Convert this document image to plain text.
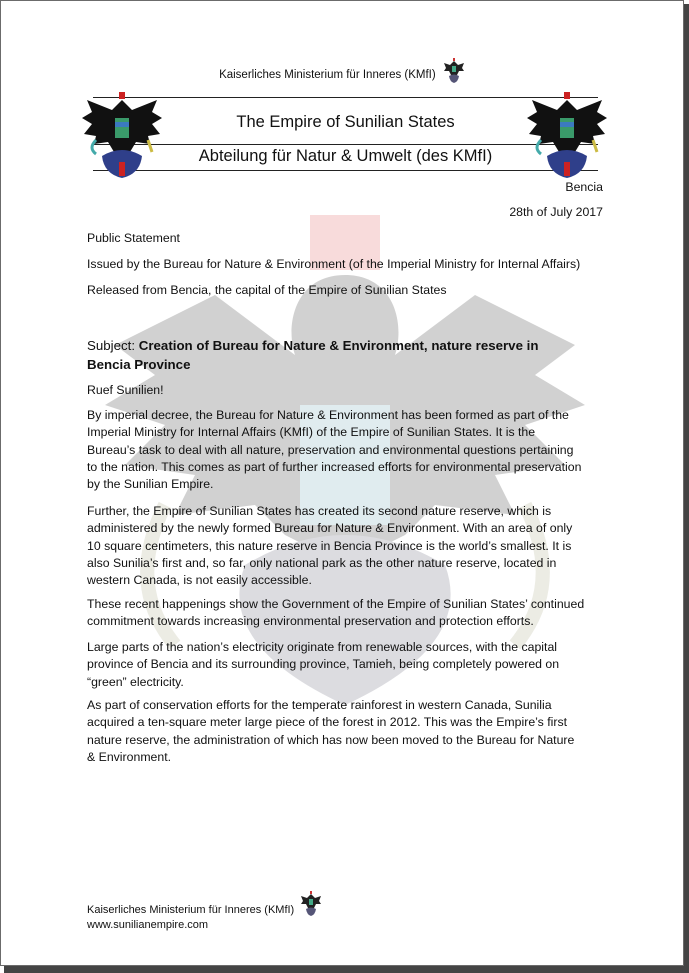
Kaiserliches Ministerium für Inneres (KMfI)
The Empire of Sunilian States
Abteilung für Natur & Umwelt (des KMfI)
Bencia
28th of July 2017
Public Statement
Issued by the Bureau for Nature & Environment (of the Imperial Ministry for Internal Affairs)
Released from Bencia, the capital of the Empire of Sunilian States
Subject: Creation of Bureau for Nature & Environment, nature reserve in
Bencia Province
Ruef Sunilien!
By imperial decree, the Bureau for Nature & Environment has been formed as part of the
Imperial Ministry for Internal Affairs (KMfI) of the Empire of Sunilian States. It is the
Bureau’s task to deal with all nature, preservation and environmental questions pertaining
to the nation. This comes as part of further increased efforts for environmental preservation
by the Sunilian Empire.
Further, the Empire of Sunilian States has created its second nature reserve, which is
administered by the newly formed Bureau for Nature & Environment. With an area of only
10 square centimeters, this nature reserve in Bencia Province is the world’s smallest. It is
also Sunilia’s first and, so far, only national park as the other nature reserve, located in
western Canada, is not easily accessible.
These recent happenings show the Government of the Empire of Sunilian States’ continued
commitment towards increasing environmental preservation and protection efforts.
Large parts of the nation’s electricity originate from renewable sources, with the capital
province of Bencia and its surrounding province, Tamieh, being completely powered on
“green” electricity.
As part of conservation efforts for the temperate rainforest in western Canada, Sunilia
acquired a ten-square meter large piece of the forest in 2012. This was the Empire’s first
nature reserve, the administration of which has now been moved to the Bureau for Nature
& Environment.
Kaiserliches Ministerium für Inneres (KMfI)
www.sunilianempire.com
